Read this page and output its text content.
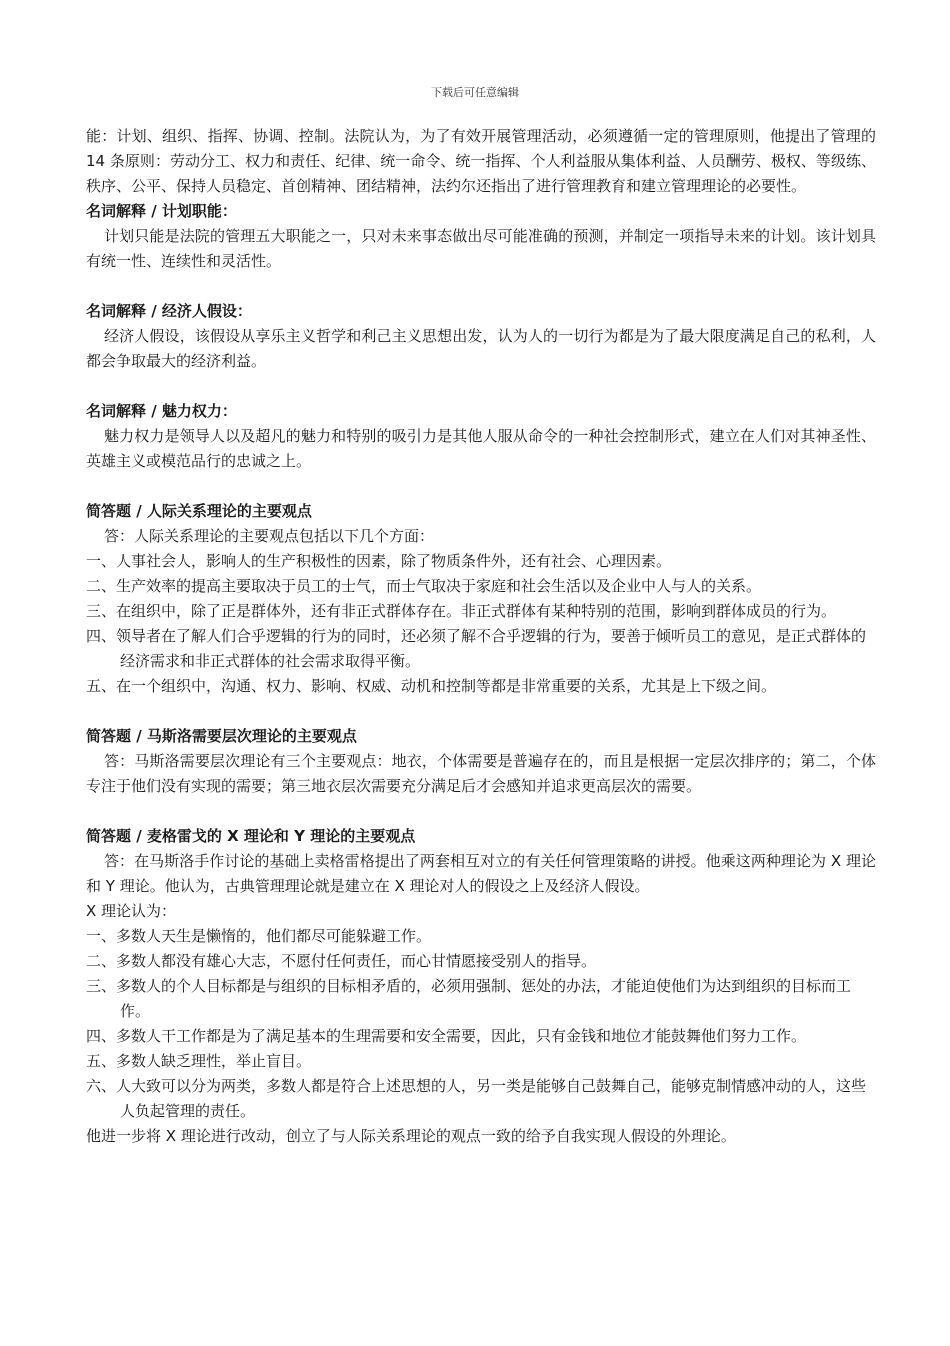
下载后可任意编辑

能：计划、组织、指挥、协调、控制。法院认为，为了有效开展管理活动，必须遵循一定的管理原则，他提出了管理的 14 条原则：劳动分工、权力和责任、纪律、统一命令、统一指挥、个人利益服从集体利益、人员酬劳、极权、等级练、秩序、公平、保持人员稳定、首创精神、团结精神，法约尔还指出了进行管理教育和建立管理理论的必要性。

名词解释 / 计划职能：

计划只能是法院的管理五大职能之一，只对未来事态做出尽可能准确的预测，并制定一项指导未来的计划。该计划具有统一性、连续性和灵活性。

名词解释 / 经济人假设：

经济人假设，该假设从享乐主义哲学和利己主义思想出发，认为人的一切行为都是为了最大限度满足自己的私利，人都会争取最大的经济利益。

名词解释 / 魅力权力：

魅力权力是领导人以及超凡的魅力和特别的吸引力是其他人服从命令的一种社会控制形式，建立在人们对其神圣性、英雄主义或模范品行的忠诚之上。

简答题 / 人际关系理论的主要观点

答：人际关系理论的主要观点包括以下几个方面：

一、人事社会人，影响人的生产积极性的因素，除了物质条件外，还有社会、心理因素。

二、生产效率的提高主要取决于员工的士气，而士气取决于家庭和社会生活以及企业中人与人的关系。

三、在组织中，除了正是群体外，还有非正式群体存在。非正式群体有某种特别的范围，影响到群体成员的行为。

四、领导者在了解人们合乎逻辑的行为的同时，还必须了解不合乎逻辑的行为，要善于倾听员工的意见，是正式群体的经济需求和非正式群体的社会需求取得平衡。

五、在一个组织中，沟通、权力、影响、权威、动机和控制等都是非常重要的关系，尤其是上下级之间。

简答题 / 马斯洛需要层次理论的主要观点

答：马斯洛需要层次理论有三个主要观点：地衣，个体需要是普遍存在的，而且是根据一定层次排序的；第二，个体专注于他们没有实现的需要；第三地衣层次需要充分满足后才会感知并追求更高层次的需要。

简答题 / 麦格雷戈的 X 理论和 Y 理论的主要观点

答：在马斯洛手作讨论的基础上卖格雷格提出了两套相互对立的有关任何管理策略的讲授。他乘这两种理论为 X 理论和 Y 理论。他认为，古典管理理论就是建立在 X 理论对人的假设之上及经济人假设。

X 理论认为：

一、多数人天生是懒惰的，他们都尽可能躲避工作。

二、多数人都没有雄心大志，不愿付任何责任，而心甘情愿接受别人的指导。

三、多数人的个人目标都是与组织的目标相矛盾的，必须用强制、惩处的办法，才能迫使他们为达到组织的目标而工作。

四、多数人干工作都是为了满足基本的生理需要和安全需要，因此，只有金钱和地位才能鼓舞他们努力工作。

五、多数人缺乏理性，举止盲目。

六、人大致可以分为两类，多数人都是符合上述思想的人，另一类是能够自己鼓舞自己，能够克制情感冲动的人，这些人负起管理的责任。

他进一步将 X 理论进行改动，创立了与人际关系理论的观点一致的给予自我实现人假设的外理论。
